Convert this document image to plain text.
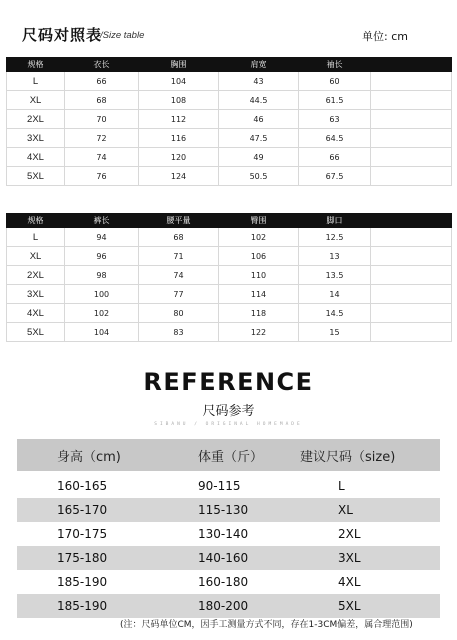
尺码对照表
/Size table	单位: cm
规格	衣长	胸围	肩宽	袖长	
L	66	104	43	60	
XL	68	108	44.5	61.5	
2XL	70	112	46	63	
3XL	72	116	47.5	64.5	
4XL	74	120	49	66	
5XL	76	124	50.5	67.5	
规格	裤长	腰平量	臀围	脚口	
L	94	68	102	12.5	
XL	96	71	106	13	
2XL	98	74	110	13.5	
3XL	100	77	114	14	
4XL	102	80	118	14.5	
5XL	104	83	122	15	
REFERENCE
尺码参考
SIBANU / ORIGINAL HOMEMADE
身高（cm)	体重（斤）	建议尺码（size)

160-165	90-115	L
165-170	115-130	XL
170-175	130-140	2XL
175-180	140-160	3XL
185-190	160-180	4XL
185-190	180-200	5XL
(注：尺码单位CM，因手工测量方式不同，存在1-3CM偏差，属合理范围)
